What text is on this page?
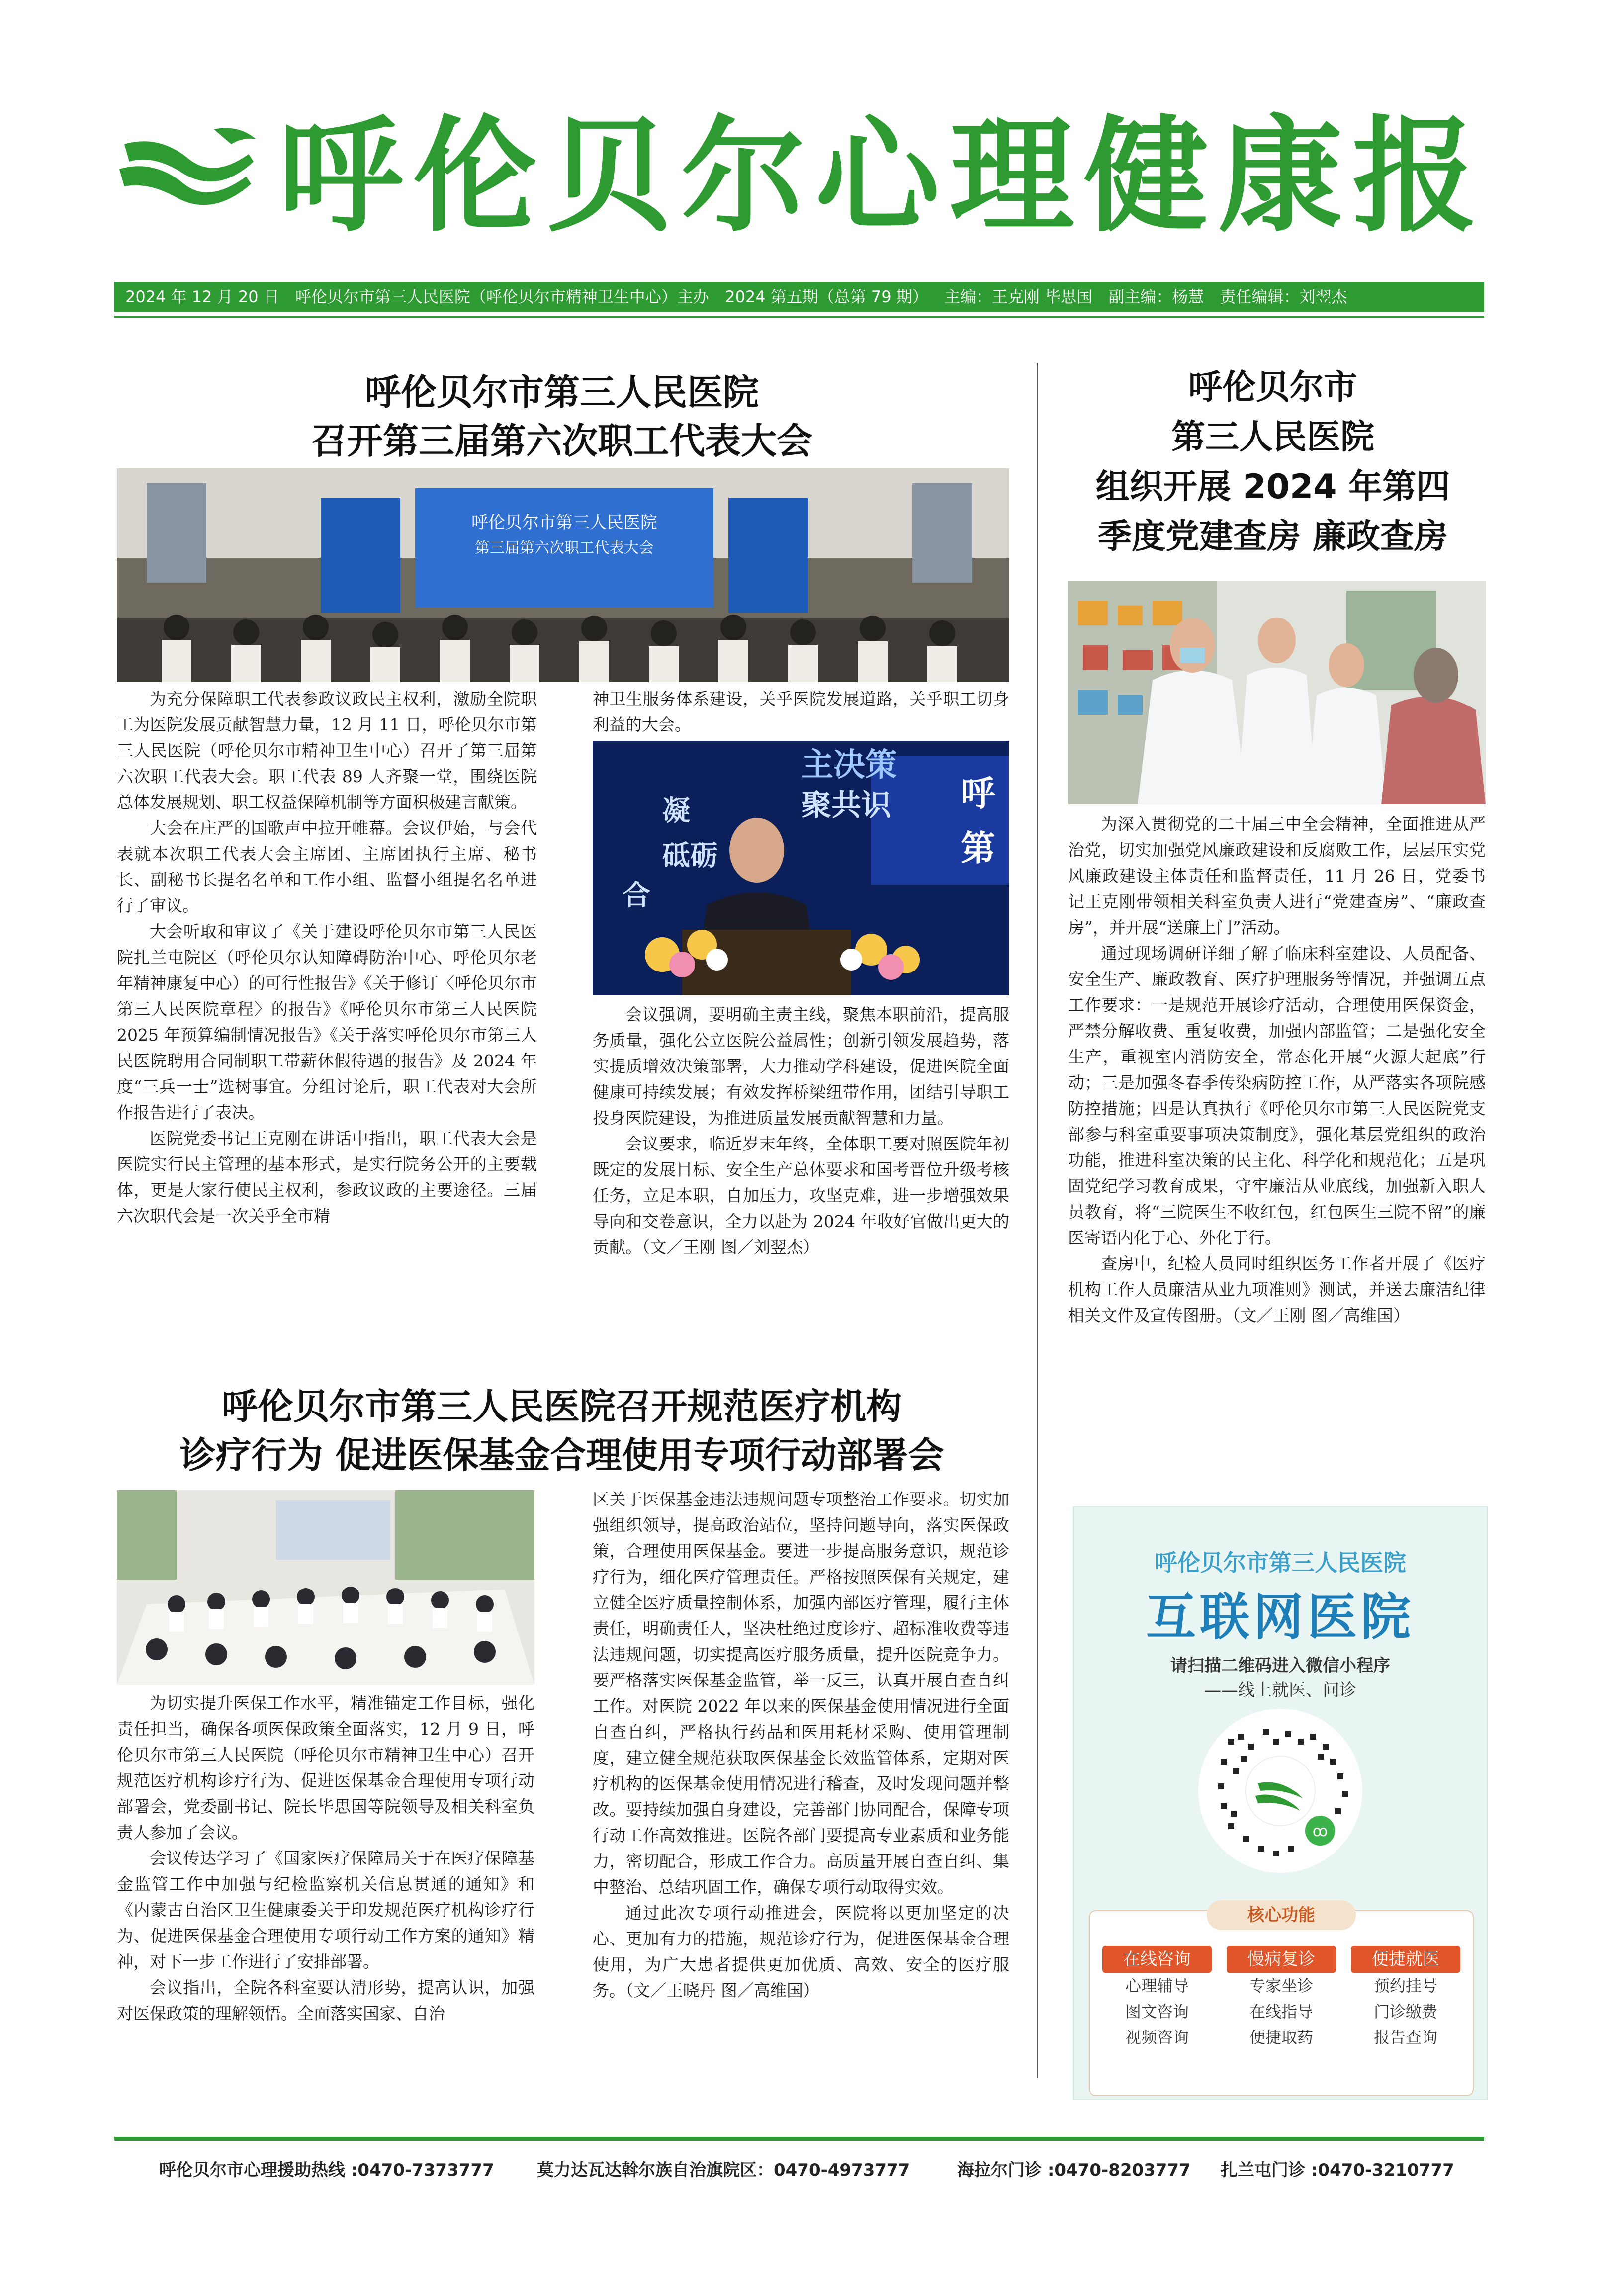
呼伦贝尔心理健康报
2024 年 12 月 20 日 呼伦贝尔市第三人民医院（呼伦贝尔市精神卫生中心）主办 2024 第五期（总第 79 期） 主编：王克刚 毕思国 副主编：杨慧 责任编辑：刘翌杰
呼伦贝尔市第三人民医院
召开第三届第六次职工代表大会
呼伦贝尔市第三人民医院
第三届第六次职工代表大会

为充分保障职工代表参政议政民主权利，激励全院职工为医院发展贡献智慧力量，12 月 11 日，呼伦贝尔市第三人民医院（呼伦贝尔市精神卫生中心）召开了第三届第六次职工代表大会。职工代表 89 人齐聚一堂，围绕医院总体发展规划、职工权益保障机制等方面积极建言献策。

大会在庄严的国歌声中拉开帷幕。会议伊始，与会代表就本次职工代表大会主席团、主席团执行主席、秘书长、副秘书长提名名单和工作小组、监督小组提名名单进行了审议。

大会听取和审议了《关于建设呼伦贝尔市第三人民医院扎兰屯院区（呼伦贝尔认知障碍防治中心、呼伦贝尔老年精神康复中心）的可行性报告》《关于修订〈呼伦贝尔市第三人民医院章程〉的报告》《呼伦贝尔市第三人民医院 2025 年预算编制情况报告》《关于落实呼伦贝尔市第三人民医院聘用合同制职工带薪休假待遇的报告》及 2024 年度“三兵一士”选树事宜。分组讨论后，职工代表对大会所作报告进行了表决。

医院党委书记王克刚在讲话中指出，职工代表大会是医院实行民主管理的基本形式，是实行院务公开的主要载体，更是大家行使民主权利，参政议政的主要途径。三届六次职代会是一次关乎全市精

神卫生服务体系建设，关乎医院发展道路，关乎职工切身利益的大会。

主决策
聚共识
凝
砥砺
合
呼
第

会议强调，要明确主责主线，聚焦本职前沿，提高服务质量，强化公立医院公益属性；创新引领发展趋势，落实提质增效决策部署，大力推动学科建设，促进医院全面健康可持续发展；有效发挥桥梁纽带作用，团结引导职工投身医院建设，为推进质量发展贡献智慧和力量。

会议要求，临近岁末年终，全体职工要对照医院年初既定的发展目标、安全生产总体要求和国考晋位升级考核任务，立足本职，自加压力，攻坚克难，进一步增强效果导向和交卷意识，全力以赴为 2024 年收好官做出更大的贡献。（文／王刚 图／刘翌杰）

呼伦贝尔市第三人民医院召开规范医疗机构
诊疗行为 促进医保基金合理使用专项行动部署会

为切实提升医保工作水平，精准锚定工作目标，强化责任担当，确保各项医保政策全面落实，12 月 9 日，呼伦贝尔市第三人民医院（呼伦贝尔市精神卫生中心）召开规范医疗机构诊疗行为、促进医保基金合理使用专项行动部署会，党委副书记、院长毕思国等院领导及相关科室负责人参加了会议。

会议传达学习了《国家医疗保障局关于在医疗保障基金监管工作中加强与纪检监察机关信息贯通的通知》和《内蒙古自治区卫生健康委关于印发规范医疗机构诊疗行为、促进医保基金合理使用专项行动工作方案的通知》精神，对下一步工作进行了安排部署。

会议指出，全院各科室要认清形势，提高认识，加强对医保政策的理解领悟。全面落实国家、自治

区关于医保基金违法违规问题专项整治工作要求。切实加强组织领导，提高政治站位，坚持问题导向，落实医保政策，合理使用医保基金。要进一步提高服务意识，规范诊疗行为，细化医疗管理责任。严格按照医保有关规定，建立健全医疗质量控制体系，加强内部医疗管理，履行主体责任，明确责任人，坚决杜绝过度诊疗、超标准收费等违法违规问题，切实提高医疗服务质量，提升医院竞争力。要严格落实医保基金监管，举一反三，认真开展自查自纠工作。对医院 2022 年以来的医保基金使用情况进行全面自查自纠，严格执行药品和医用耗材采购、使用管理制度，建立健全规范获取医保基金长效监管体系，定期对医疗机构的医保基金使用情况进行稽查，及时发现问题并整改。要持续加强自身建设，完善部门协同配合，保障专项行动工作高效推进。医院各部门要提高专业素质和业务能力，密切配合，形成工作合力。高质量开展自查自纠、集中整治、总结巩固工作，确保专项行动取得实效。

通过此次专项行动推进会，医院将以更加坚定的决心、更加有力的措施，规范诊疗行为，促进医保基金合理使用，为广大患者提供更加优质、高效、安全的医疗服务。（文／王晓丹 图／高维国）

呼伦贝尔市
第三人民医院
组织开展 2024 年第四
季度党建查房 廉政查房

为深入贯彻党的二十届三中全会精神，全面推进从严治党，切实加强党风廉政建设和反腐败工作，层层压实党风廉政建设主体责任和监督责任，11 月 26 日，党委书记王克刚带领相关科室负责人进行“党建查房”、“廉政查房”，并开展“送廉上门”活动。

通过现场调研详细了解了临床科室建设、人员配备、安全生产、廉政教育、医疗护理服务等情况，并强调五点工作要求：一是规范开展诊疗活动，合理使用医保资金，严禁分解收费、重复收费，加强内部监管；二是强化安全生产，重视室内消防安全，常态化开展“火源大起底”行动；三是加强冬春季传染病防控工作，从严落实各项院感防控措施；四是认真执行《呼伦贝尔市第三人民医院党支部参与科室重要事项决策制度》，强化基层党组织的政治功能，推进科室决策的民主化、科学化和规范化；五是巩固党纪学习教育成果，守牢廉洁从业底线，加强新入职人员教育，将“三院医生不收红包，红包医生三院不留”的廉医寄语内化于心、外化于行。

查房中，纪检人员同时组织医务工作者开展了《医疗机构工作人员廉洁从业九项准则》测试，并送去廉洁纪律相关文件及宣传图册。（文／王刚 图／高维国）

呼伦贝尔市第三人民医院
互联网医院
请扫描二维码进入微信小程序
——线上就医、问诊
ꝏ
核心功能
在线咨询
心理辅导
图文咨询
视频咨询
慢病复诊
专家坐诊
在线指导
便捷取药
便捷就医
预约挂号
门诊缴费
报告查询
呼伦贝尔市心理援助热线 :0470-7373777	莫力达瓦达斡尔族自治旗院区：0470-4973777	海拉尔门诊 :0470-8203777 扎兰屯门诊 :0470-3210777
